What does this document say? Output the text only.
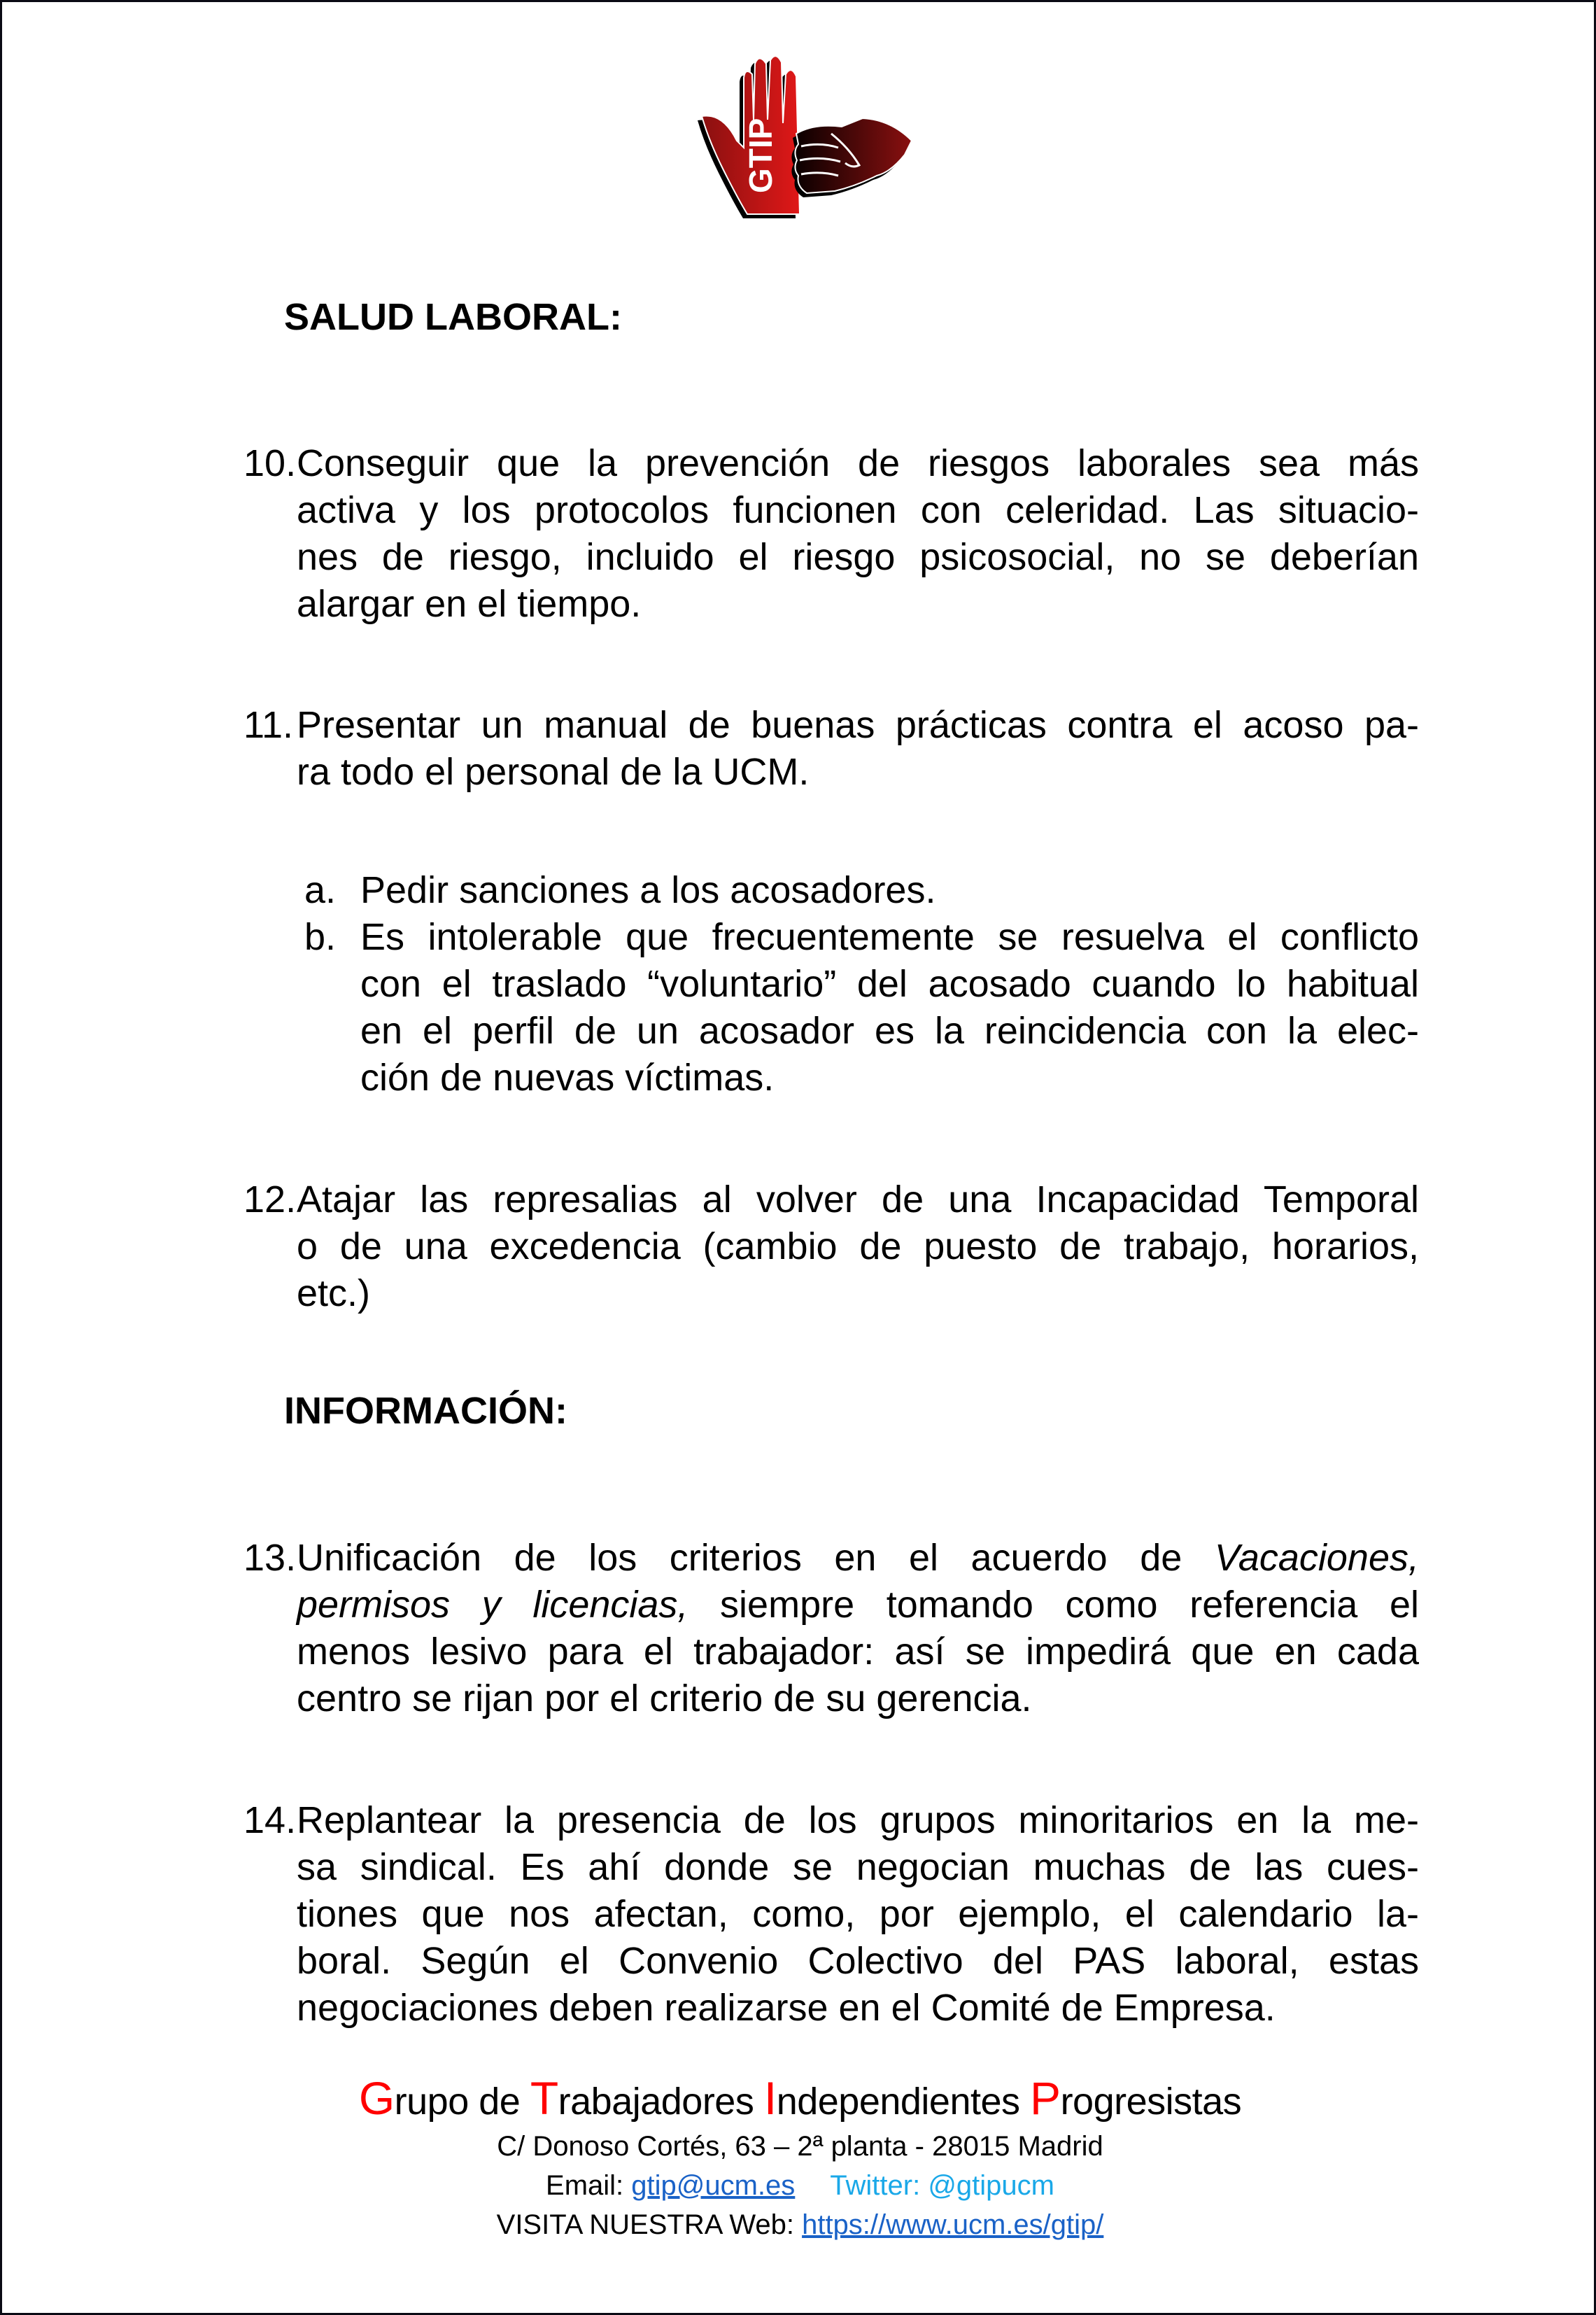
GTIP
SALUD LABORAL:
10. Conseguir que la prevención de riesgos laborales sea más
activa y los protocolos funcionen con celeridad. Las situacio-
nes de riesgo, incluido el riesgo psicosocial, no se deberían
alargar en el tiempo.
11. Presentar un manual de buenas prácticas contra el acoso pa-
ra todo el personal de la UCM.
a. Pedir sanciones a los acosadores.
b. Es intolerable que frecuentemente se resuelva el conflicto
con el traslado “voluntario” del acosado cuando lo habitual
en el perfil de un acosador es la reincidencia con la elec-
ción de nuevas víctimas.
12. Atajar las represalias al volver de una Incapacidad Temporal
o de una excedencia (cambio de puesto de trabajo, horarios,
etc.)
INFORMACIÓN:
13. Unificación de los criterios en el acuerdo de Vacaciones,
permisos y licencias, siempre tomando como referencia el
menos lesivo para el trabajador: así se impedirá que en cada
centro se rijan por el criterio de su gerencia.
14. Replantear la presencia de los grupos minoritarios en la me-
sa sindical. Es ahí donde se negocian muchas de las cues-
tiones que nos afectan, como, por ejemplo, el calendario la-
boral. Según el Convenio Colectivo del PAS laboral, estas
negociaciones deben realizarse en el Comité de Empresa.
Grupo de Trabajadores Independientes Progresistas
C/ Donoso Cortés, 63 – 2ª planta - 28015 Madrid
Email: gtip@ucm.es Twitter: @gtipucm
VISITA NUESTRA Web: https://www.ucm.es/gtip/
